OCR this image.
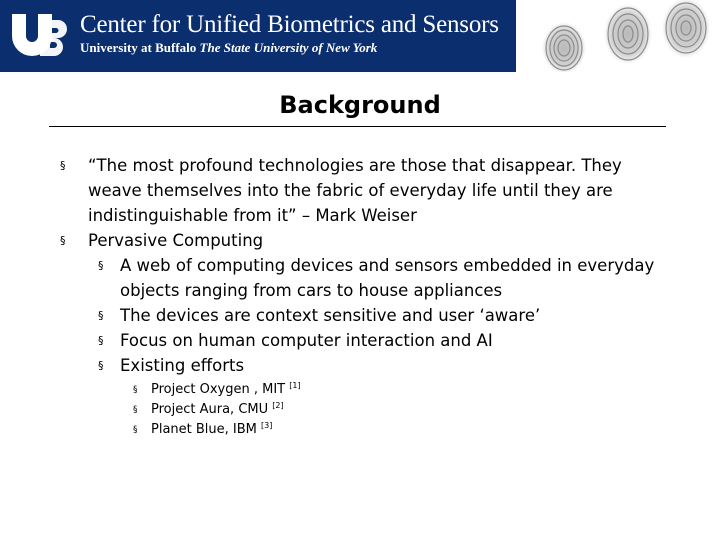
Center for Unified Biometrics and Sensors
University at Buffalo The State University of New York
Background
§ “The most profound technologies are those that disappear. They weave themselves into the fabric of everyday life until they are indistinguishable from it” – Mark Weiser
§ Pervasive Computing
§ A web of computing devices and sensors embedded in everyday objects ranging from cars to house appliances
§ The devices are context sensitive and user ‘aware’
§ Focus on human computer interaction and AI
§ Existing efforts
§ Project Oxygen , MIT [1]
§ Project Aura, CMU [2]
§ Planet Blue, IBM [3]
